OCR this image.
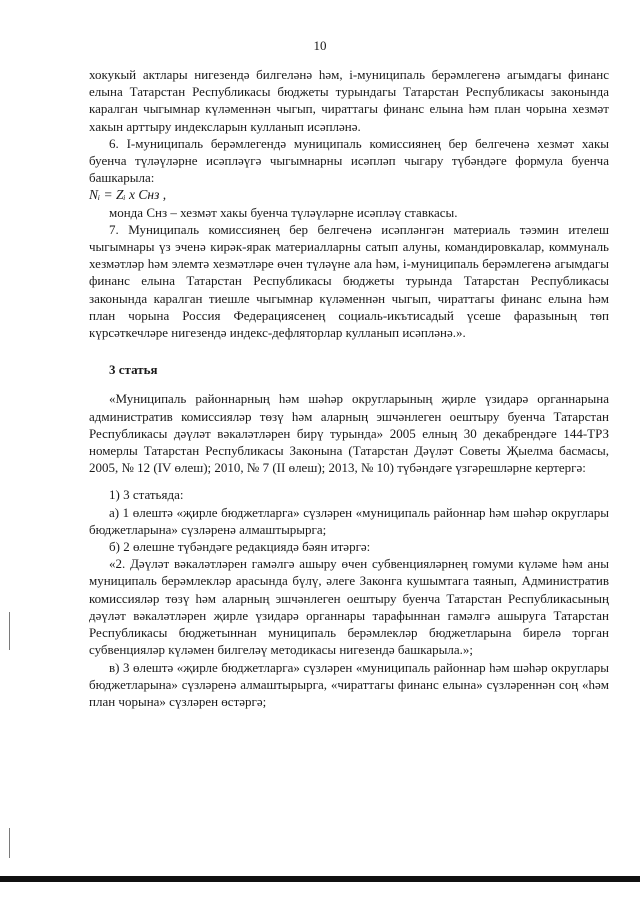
10

хокукый актлары нигезендә билгеләнә һәм, і-муниципаль берәмлегенә агымдагы финанс елына Татарстан Республикасы бюджеты турындагы Татарстан Республикасы законында каралган чыгымнар күләменнән чыгып, чираттагы финанс елына һәм план чорына хезмәт хакын арттыру индексларын кулланып исәпләнә.

6. І-муниципаль берәмлегендә муниципаль комиссиянең бер белгеченә хезмәт хакы буенча түләүләрне исәпләүгә чыгымнарны исәпләп чыгару түбәндәге формула буенча башкарыла:

Nᵢ = Zᵢ х Снз ,

монда Снз – хезмәт хакы буенча түләүләрне исәпләү ставкасы.

7. Муниципаль комиссиянең бер белгеченә исәпләнгән материаль тәэмин ителеш чыгымнары үз эченә кирәк-ярак материалларны сатып алуны, командировкалар, коммуналь хезмәтләр һәм элемтә хезмәтләре өчен түләүне ала һәм, і-муниципаль берәмлегенә агымдагы финанс елына Татарстан Республикасы бюджеты турында Татарстан Республикасы законында каралган тиешле чыгымнар күләменнән чыгып, чираттагы финанс елына һәм план чорына Россия Федерациясенең социаль-икътисадый үсеше фаразының төп күрсәткечләре нигезендә индекс-дефляторлар кулланып исәпләнә.».

3 статья

«Муниципаль районнарның һәм шәһәр округларының җирле үзидарә органнарына административ комиссияләр төзү һәм аларның эшчәнлеген оештыру буенча Татарстан Республикасы дәүләт вәкаләтләрен бирү турында» 2005 елның 30 декабрендәге 144-ТРЗ номерлы Татарстан Республикасы Законына (Татарстан Дәүләт Советы Җыелма басмасы, 2005, № 12 (IV өлеш); 2010, № 7 (II өлеш); 2013, № 10) түбәндәге үзгәрешләрне кертергә:

1) 3 статьяда:

а) 1 өлештә «җирле бюджетларга» сүзләрен «муниципаль районнар һәм шәһәр округлары бюджетларына» сүзләренә алмаштырырга;

б) 2 өлешне түбәндәге редакциядә бәян итәргә:

«2. Дәүләт вәкаләтләрен гамәлгә ашыру өчен субвенцияләрнең гомуми күләме һәм аны муниципаль берәмлекләр арасында бүлү, әлеге Законга кушымтага таянып, Административ комиссияләр төзү һәм аларның эшчәнлеген оештыру буенча Татарстан Республикасының дәүләт вәкаләтләрен җирле үзидарә органнары тарафыннан гамәлгә ашыруга Татарстан Республикасы бюджетыннан муниципаль берәмлекләр бюджетларына бирелә торган субвенцияләр күләмен билгеләү методикасы нигезендә башкарыла.»;

в) 3 өлештә «җирле бюджетларга» сүзләрен «муниципаль районнар һәм шәһәр округлары бюджетларына» сүзләренә алмаштырырга, «чираттагы финанс елына» сүзләреннән соң «һәм план чорына» сүзләрен өстәргә;
